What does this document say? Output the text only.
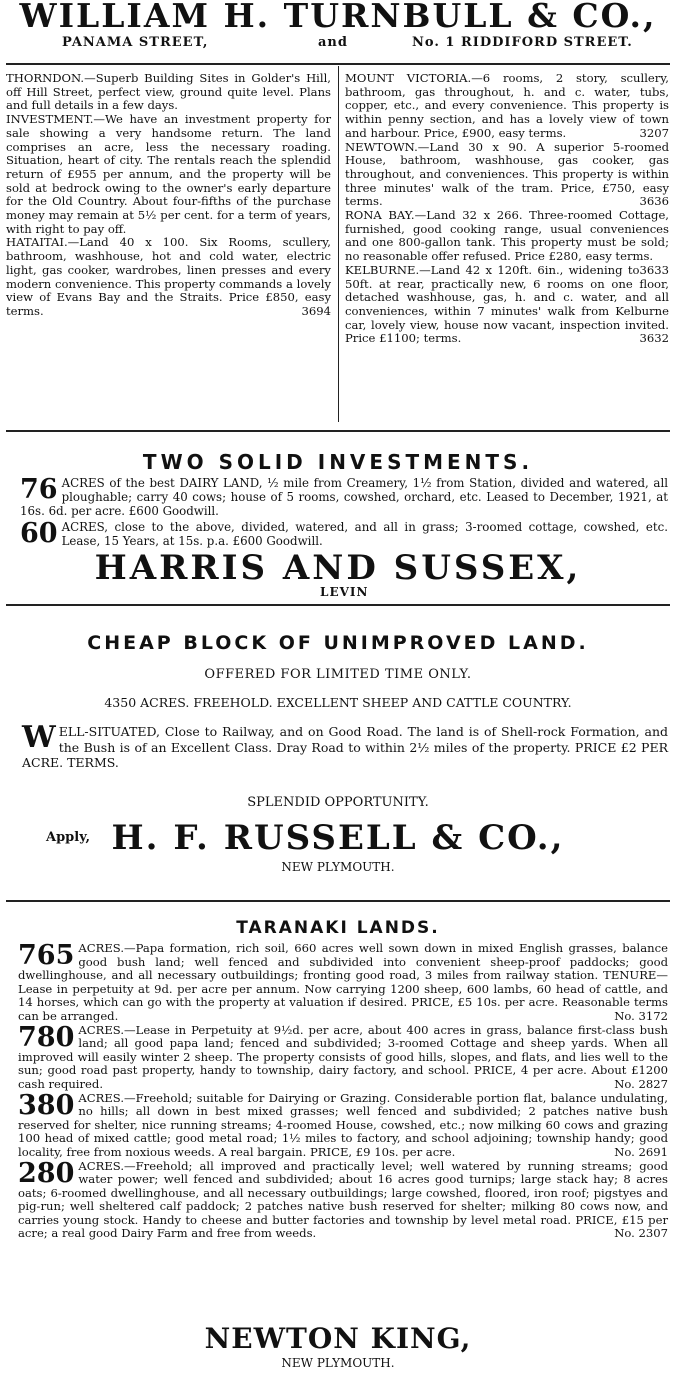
WILLIAM H. TURNBULL & CO.,
PANAMA STREET,	and	No. 1 RIDDIFORD STREET.

THORNDON.—Superb Building Sites in Golder's Hill, off Hill Street, perfect view, ground quite level. Plans and full details in a few days.

INVESTMENT.—We have an investment property for sale showing a very handsome return. The land comprises an acre, less the necessary roading. Situation, heart of city. The rentals reach the splendid return of £955 per annum, and the property will be sold at bedrock owing to the owner's early departure for the Old Country. About four-fifths of the purchase money may remain at 5½ per cent. for a term of years, with right to pay off.

HATAITAI.—Land 40 x 100. Six Rooms, scullery, bathroom, washhouse, hot and cold water, electric light, gas cooker, wardrobes, linen presses and every modern convenience. This property commands a lovely view of Evans Bay and the Straits. Price £850, easy terms.	3694

MOUNT VICTORIA.—6 rooms, 2 story, scullery, bathroom, gas throughout, h. and c. water, tubs, copper, etc., and every convenience. This property is within penny section, and has a lovely view of town and harbour. Price, £900, easy terms.	3207

NEWTOWN.—Land 30 x 90. A superior 5-roomed House, bathroom, washhouse, gas cooker, gas throughout, and conveniences. This property is within three minutes' walk of the tram. Price, £750, easy terms.	3636

RONA BAY.—Land 32 x 266. Three-roomed Cottage, furnished, good cooking range, usual conveniences and one 800-gallon tank. This property must be sold; no reasonable offer refused. Price £280, easy terms.
3633

KELBURNE.—Land 42 x 120ft. 6in., widening to 50ft. at rear, practically new, 6 rooms on one floor, detached washhouse, gas, h. and c. water, and all conveniences, within 7 minutes' walk from Kelburne car, lovely view, house now vacant, inspection invited. Price £1100; terms.	3632

TWO SOLID INVESTMENTS.
76 ACRES of the best DAIRY LAND, ½ mile from Creamery, 1½ from Station, divided and watered, all ploughable; carry 40 cows; house of 5 rooms, cowshed, orchard, etc. Leased to December, 1921, at 16s. 6d. per acre. £600 Goodwill.

60 ACRES, close to the above, divided, watered, and all in grass; 3-roomed cottage, cowshed, etc. Lease, 15 Years, at 15s. p.a. £600 Goodwill.

HARRIS AND SUSSEX,
LEVIN
CHEAP BLOCK OF UNIMPROVED LAND.
OFFERED FOR LIMITED TIME ONLY.
4350 ACRES. FREEHOLD. EXCELLENT SHEEP AND CATTLE COUNTRY.
W ELL-SITUATED, Close to Railway, and on Good Road. The land is of Shell-rock Formation, and the Bush is of an Excellent Class. Dray Road to within 2½ miles of the property. PRICE £2 PER ACRE. TERMS.

SPLENDID OPPORTUNITY.
Apply, H. F. RUSSELL & CO.,
NEW PLYMOUTH.
TARANAKI LANDS.
765 ACRES.—Papa formation, rich soil, 660 acres well sown down in mixed English grasses, balance good bush land; well fenced and subdivided into convenient sheep-proof paddocks; good dwellinghouse, and all necessary outbuildings; fronting good road, 3 miles from railway station. TENURE—Lease in perpetuity at 9d. per acre per annum. Now carrying 1200 sheep, 600 lambs, 60 head of cattle, and 14 horses, which can go with the property at valuation if desired. PRICE, £5 10s. per acre. Reasonable terms can be arranged.	No. 3172

780 ACRES.—Lease in Perpetuity at 9½d. per acre, about 400 acres in grass, balance first-class bush land; all good papa land; fenced and subdivided; 3-roomed Cottage and sheep yards. When all improved will easily winter 2 sheep. The property consists of good hills, slopes, and flats, and lies well to the sun; good road past property, handy to township, dairy factory, and school. PRICE, 4 per acre. About £1200 cash required.	No. 2827

380 ACRES.—Freehold; suitable for Dairying or Grazing. Considerable portion flat, balance undulating, no hills; all down in best mixed grasses; well fenced and subdivided; 2 patches native bush reserved for shelter, nice running streams; 4-roomed House, cowshed, etc.; now milking 60 cows and grazing 100 head of mixed cattle; good metal road; 1½ miles to factory, and school adjoining; township handy; good locality, free from noxious weeds. A real bargain. PRICE, £9 10s. per acre.	No. 2691

280 ACRES.—Freehold; all improved and practically level; well watered by running streams; good water power; well fenced and subdivided; about 16 acres good turnips; large stack hay; 8 acres oats; 6-roomed dwellinghouse, and all necessary outbuildings; large cowshed, floored, iron roof; pigstyes and pig-run; well sheltered calf paddock; 2 patches native bush reserved for shelter; milking 80 cows now, and carries young stock. Handy to cheese and butter factories and township by level metal road. PRICE, £15 per acre; a real good Dairy Farm and free from weeds.	No. 2307

NEWTON KING,
NEW PLYMOUTH.
